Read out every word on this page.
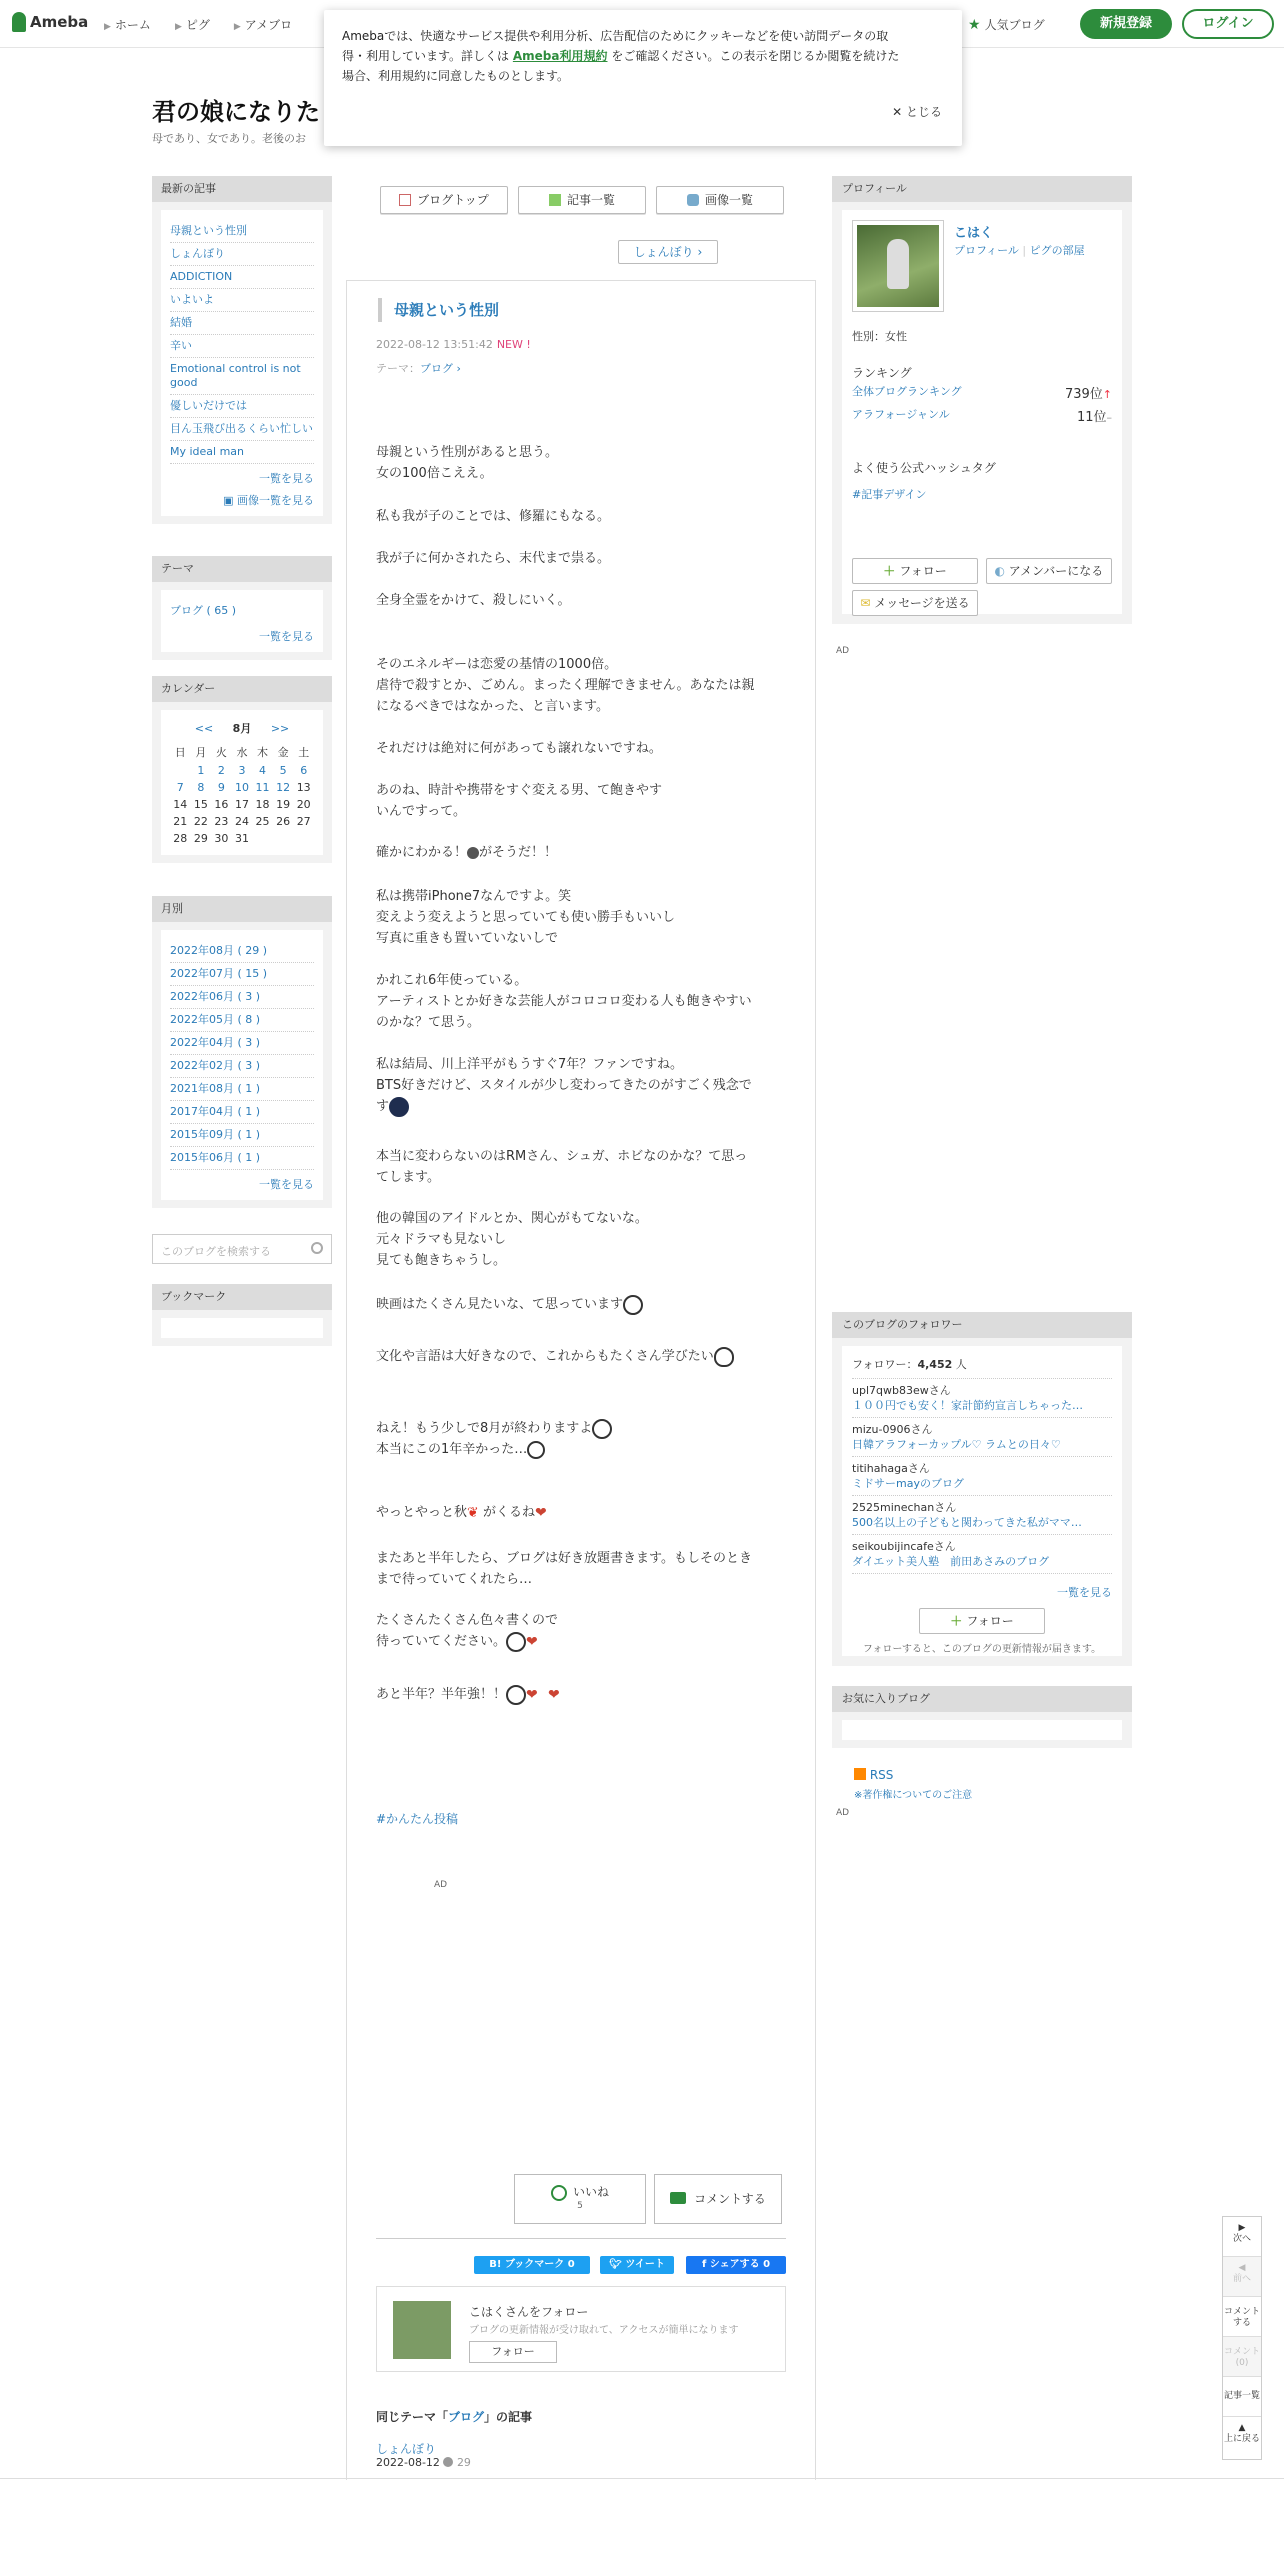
Ameba ▶ ホーム	▶ ピグ	▶ アメブロ	★ 人気ブログ	新規登録	ログイン
Amebaでは、快適なサービス提供や利用分析、広告配信のためにクッキーなどを使い訪問データの取
得・利用しています。詳しくは Ameba利用規約 をご確認ください。この表示を閉じるか閲覧を続けた
場合、利用規約に同意したものとします。
✕ とじる
君の娘になりた
母であり、女であり。老後のお
最新の記事
母親という性別
しょんぼり
ADDICTION
いよいよ
結婚
辛い
Emotional control is not good
優しいだけでは
目ん玉飛び出るくらい忙しい
My ideal man
一覧を見る
▣ 画像一覧を見る
テーマ
ブログ ( 65 )
一覧を見る
カレンダー
<< 8月 >>
日	月	火	水	木	金	土
	1	2	3	4	5	6
7	8	9	10	11	12	13
14	15	16	17	18	19	20
21	22	23	24	25	26	27
28	29	30	31			
月別
2022年08月 ( 29 )
2022年07月 ( 15 )
2022年06月 ( 3 )
2022年05月 ( 8 )
2022年04月 ( 3 )
2022年02月 ( 3 )
2021年08月 ( 1 )
2017年04月 ( 1 )
2015年09月 ( 1 )
2015年06月 ( 1 )
一覧を見る
このブログを検索する
ブックマーク
ブログトップ	記事一覧	画像一覧
しょんぼり ›
母親という性別
2022-08-12 13:51:42 NEW !
テーマ：ブログ ›
母親という性別があると思う。
女の100倍こええ。
私も我が子のことでは、修羅にもなる。
我が子に何かされたら、末代まで祟る。
全身全霊をかけて、殺しにいく。
そのエネルギーは恋愛の基情の1000倍。
虐待で殺すとか、ごめん。まったく理解できません。あなたは親
になるべきではなかった、と言います。
それだけは絶対に何があっても譲れないですね。
あのね、時計や携帯をすぐ変える男、て飽きやす
いんですって。
確かにわかる！ がそうだ！！
私は携帯iPhone7なんですよ。笑
変えよう変えようと思っていても使い勝手もいいし
写真に重きも置いていないしで
かれこれ6年使っている。
アーティストとか好きな芸能人がコロコロ変わる人も飽きやすい
のかな？て思う。
私は結局、川上洋平がもうすぐ7年？ファンですね。
BTS好きだけど、スタイルが少し変わってきたのがすごく残念で
す
本当に変わらないのはRMさん、シュガ、ホビなのかな？て思っ
てします。
他の韓国のアイドルとか、関心がもてないな。
元々ドラマも見ないし
見ても飽きちゃうし。
映画はたくさん見たいな、て思っています
文化や言語は大好きなので、これからもたくさん学びたい
ねえ！もう少しで8月が終わりますよ
本当にこの1年辛かった…
やっとやっと秋❦ がくるね❤
またあと半年したら、ブログは好き放題書きます。もしそのとき
まで待っていてくれたら…
たくさんたくさん色々書くので
待っていてください。 ❤
あと半年？半年強！！ ❤ ❤
#かんたん投稿
AD
いいね
5	コメントする
B! ブックマーク 0	🐦︎ ツイート	f シェアする 0
こはくさんをフォロー
ブログの更新情報が受け取れて、アクセスが簡単になります
フォロー
同じテーマ「ブログ」の記事
しょんぼり
2022-08-12 29
プロフィール
こはく
プロフィール | ピグの部屋
性別：女性
ランキング
全体ブログランキング	739位↑
アラフォージャンル	11位–
よく使う公式ハッシュタグ
#記事デザイン
＋ フォロー	◐ アメンバーになる
✉ メッセージを送る
AD
このブログのフォロワー
フォロワー：4,452 人
upl7qwb83ewさん
１００円でも安く！家計節約宣言しちゃった…
mizu-0906さん
日韓アラフォーカップル♡ ラムとの日々♡
titihahagaさん
ミドサーmayのブログ
2525minechanさん
500名以上の子どもと関わってきた私がママ…
seikoubijincafeさん
ダイエット美人塾　前田あさみのブログ
一覧を見る
＋ フォロー
フォローすると、このブログの更新情報が届きます。
お気に入りブログ
RSS
※著作権についてのご注意
AD
▶
次へ
◀
前へ
コメントする
コメント(0)
記事一覧
▲
上に戻る
